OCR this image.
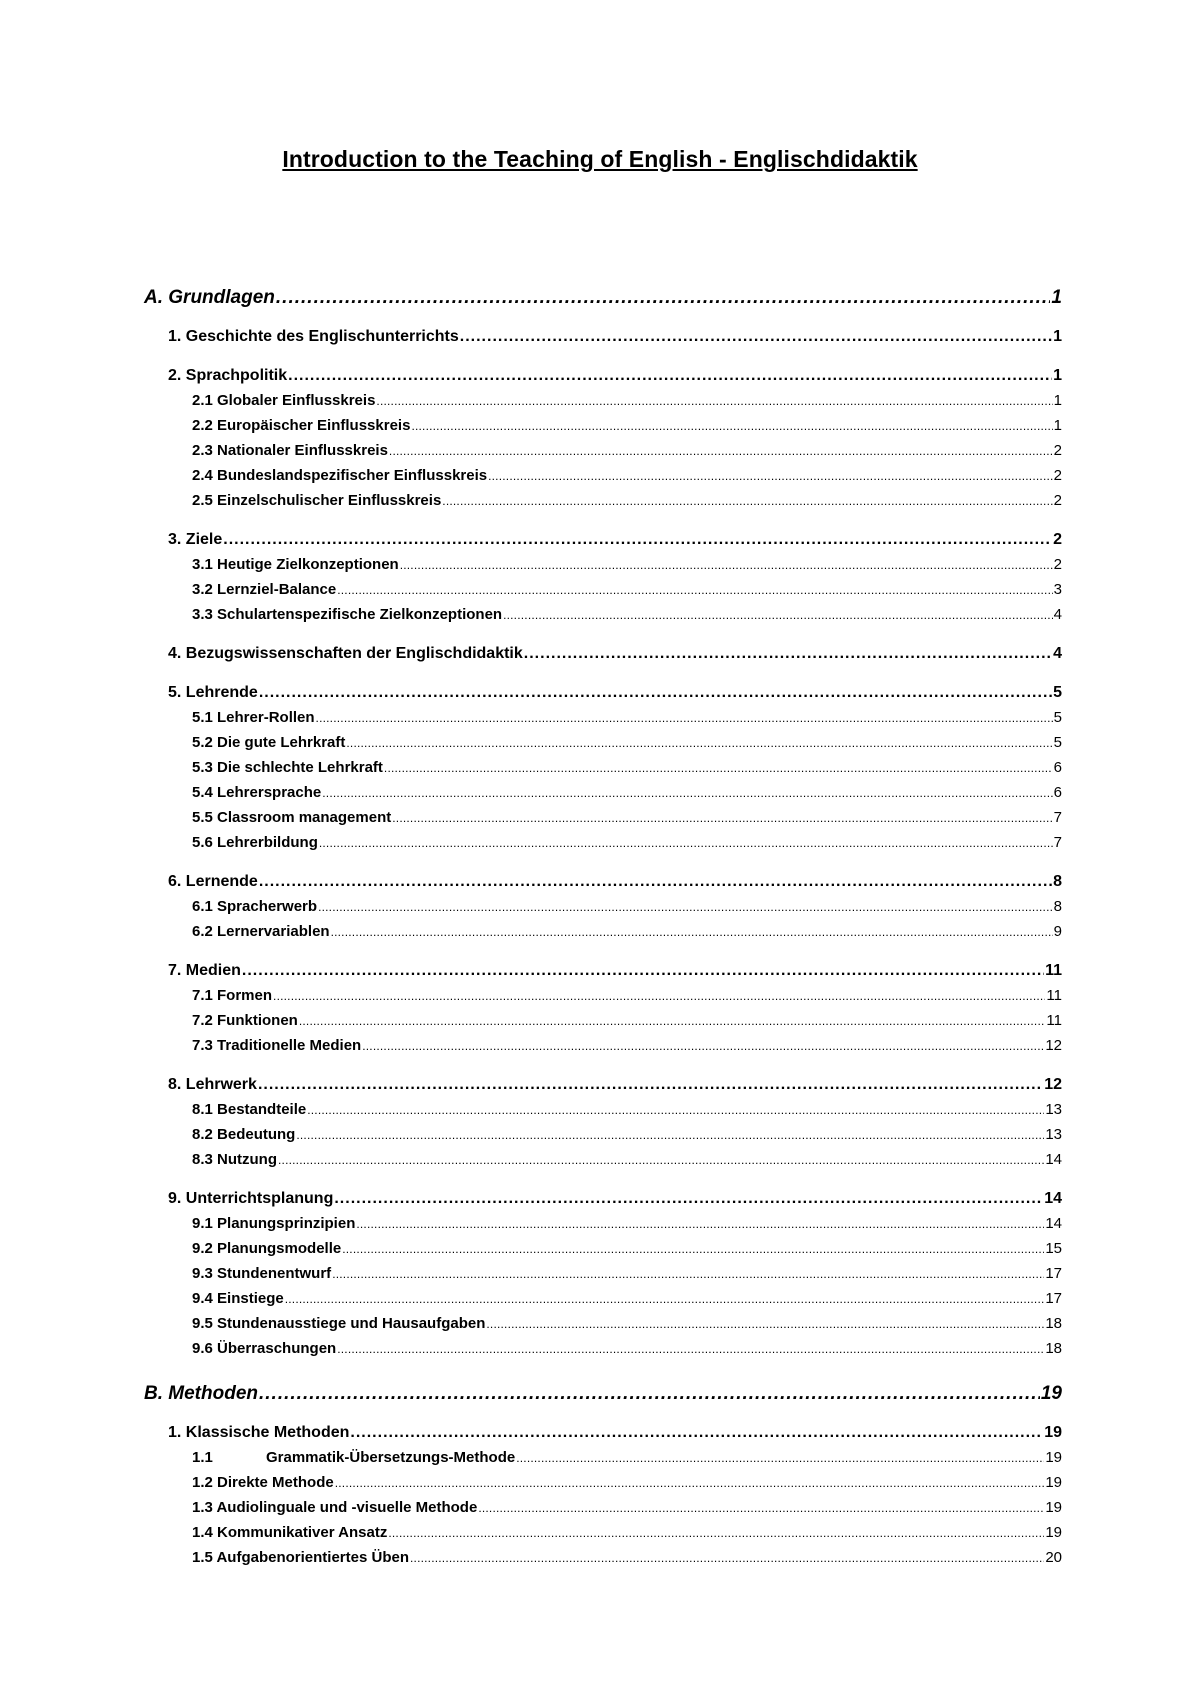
Introduction to the Teaching of English - Englischdidaktik
A. Grundlagen .....	1
1. Geschichte des Englischunterrichts .....	1
2. Sprachpolitik .....	1
2.1 Globaler Einflusskreis .....	1
2.2 Europäischer Einflusskreis .....	1
2.3 Nationaler Einflusskreis .....	2
2.4 Bundeslandspezifischer Einflusskreis .....	2
2.5 Einzelschulischer Einflusskreis .....	2
3. Ziele .....	2
3.1 Heutige Zielkonzeptionen .....	2
3.2 Lernziel-Balance .....	3
3.3 Schulartenspezifische Zielkonzeptionen .....	4
4. Bezugswissenschaften der Englischdidaktik .....	4
5. Lehrende .....	5
5.1 Lehrer-Rollen .....	5
5.2 Die gute Lehrkraft .....	5
5.3 Die schlechte Lehrkraft .....	6
5.4 Lehrersprache .....	6
5.5 Classroom management .....	7
5.6 Lehrerbildung .....	7
6. Lernende .....	8
6.1 Spracherwerb .....	8
6.2 Lernervariablen .....	9
7. Medien .....	11
7.1 Formen .....	11
7.2 Funktionen .....	11
7.3 Traditionelle Medien .....	12
8. Lehrwerk .....	12
8.1 Bestandteile .....	13
8.2 Bedeutung .....	13
8.3 Nutzung .....	14
9. Unterrichtsplanung .....	14
9.1 Planungsprinzipien .....	14
9.2 Planungsmodelle .....	15
9.3 Stundenentwurf .....	17
9.4 Einstiege .....	17
9.5 Stundenausstiege und Hausaufgaben .....	18
9.6 Überraschungen .....	18
B. Methoden .....	19
1. Klassische Methoden .....	19
1.1	Grammatik-Übersetzungs-Methode .....	19
1.2 Direkte Methode .....	19
1.3 Audiolinguale und -visuelle Methode .....	19
1.4 Kommunikativer Ansatz .....	19
1.5 Aufgabenorientiertes Üben .....	20
